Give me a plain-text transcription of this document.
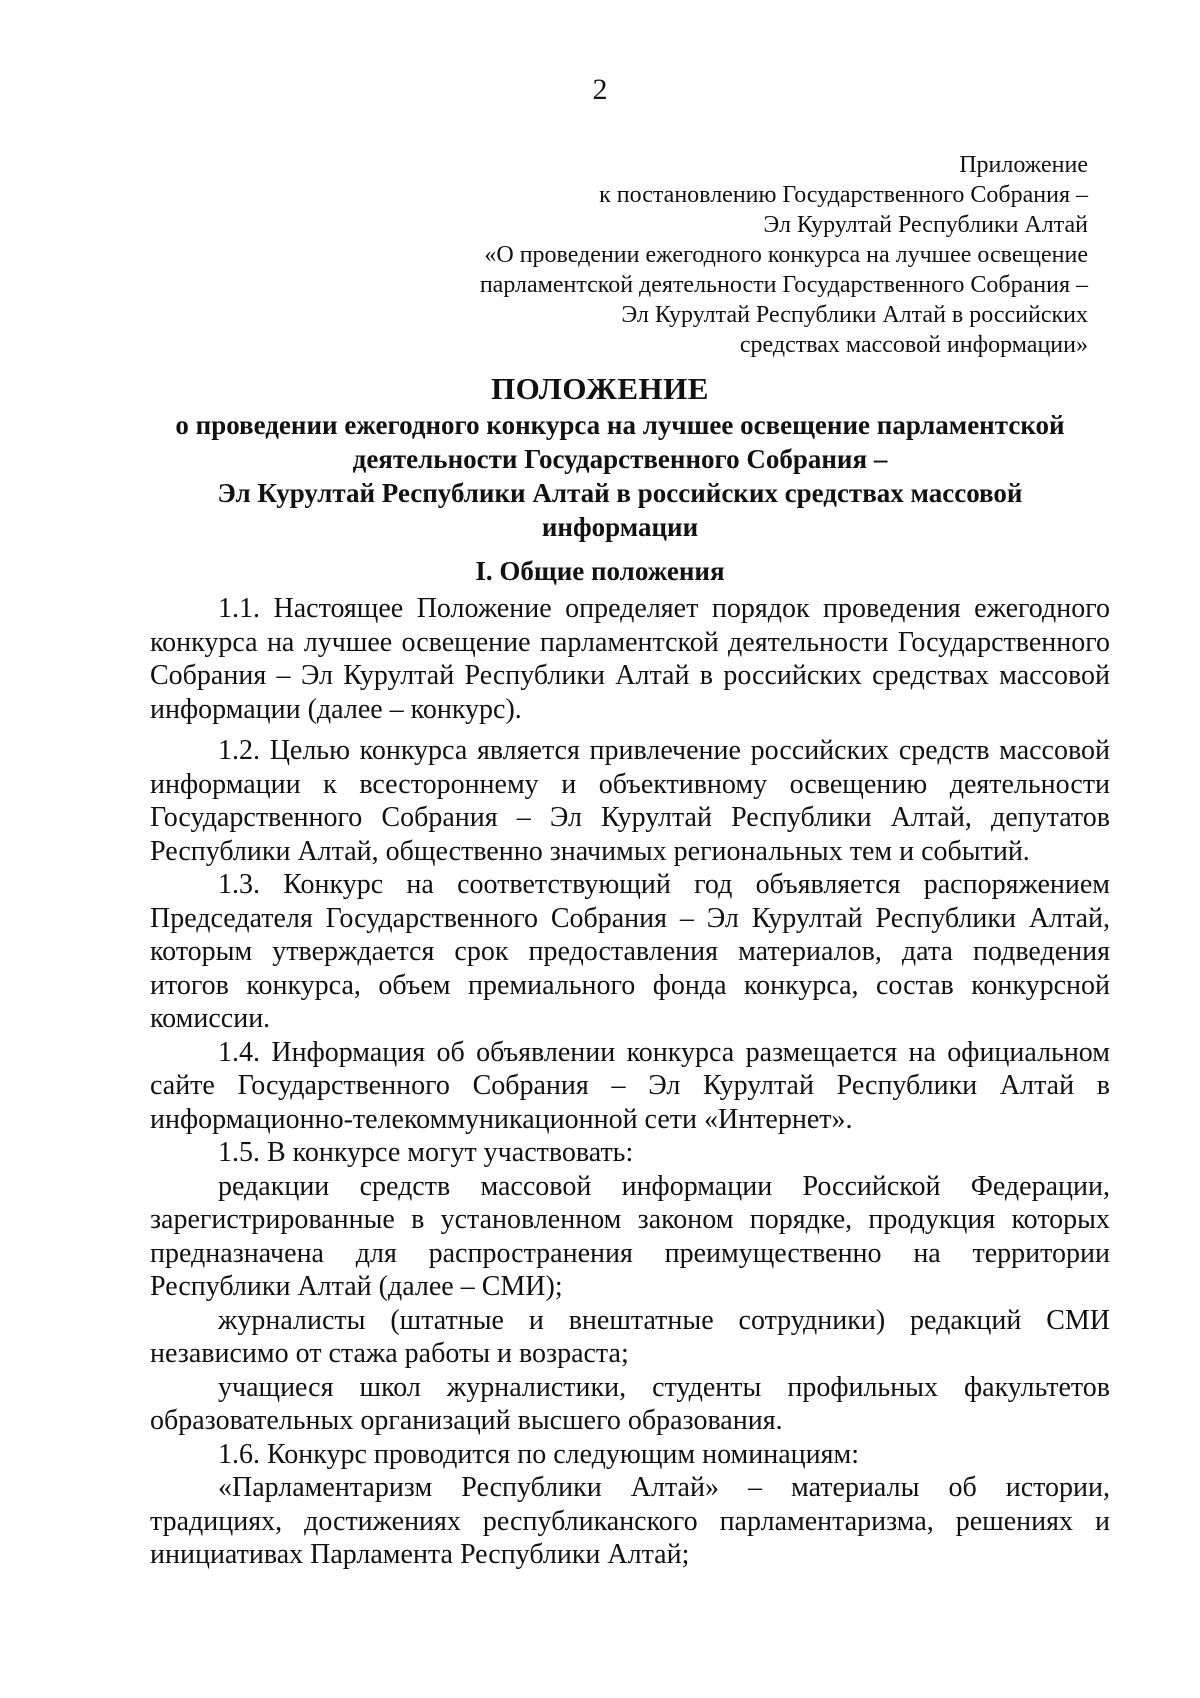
2
Приложение
к постановлению Государственного Собрания –
Эл Курултай Республики Алтай
«О проведении ежегодного конкурса на лучшее освещение
парламентской деятельности Государственного Собрания –
Эл Курултай Республики Алтай в российских
средствах массовой информации»
ПОЛОЖЕНИЕ
о проведении ежегодного конкурса на лучшее освещение парламентской
деятельности Государственного Собрания –
Эл Курултай Республики Алтай в российских средствах массовой
информации
I. Общие положения

1.1. Настоящее Положение определяет порядок проведения ежегодного конкурса на лучшее освещение парламентской деятельности Государственного Собрания – Эл Курултай Республики Алтай в российских средствах массовой информации (далее – конкурс).

1.2. Целью конкурса является привлечение российских средств массовой информации к всестороннему и объективному освещению деятельности Государственного Собрания – Эл Курултай Республики Алтай, депутатов Республики Алтай, общественно значимых региональных тем и событий.

1.3. Конкурс на соответствующий год объявляется распоряжением Председателя Государственного Собрания – Эл Курултай Республики Алтай, которым утверждается срок предоставления материалов, дата подведения итогов конкурса, объем премиального фонда конкурса, состав конкурсной комиссии.

1.4. Информация об объявлении конкурса размещается на официальном сайте Государственного Собрания – Эл Курултай Республики Алтай в информационно-телекоммуникационной сети «Интернет».

1.5. В конкурсе могут участвовать:

редакции средств массовой информации Российской Федерации, зарегистрированные в установленном законом порядке, продукция которых предназначена для распространения преимущественно на территории Республики Алтай (далее – СМИ);

журналисты (штатные и внештатные сотрудники) редакций СМИ независимо от стажа работы и возраста;

учащиеся школ журналистики, студенты профильных факультетов образовательных организаций высшего образования.

1.6. Конкурс проводится по следующим номинациям:

«Парламентаризм Республики Алтай» – материалы об истории, традициях, достижениях республиканского парламентаризма, решениях и инициативах Парламента Республики Алтай;
